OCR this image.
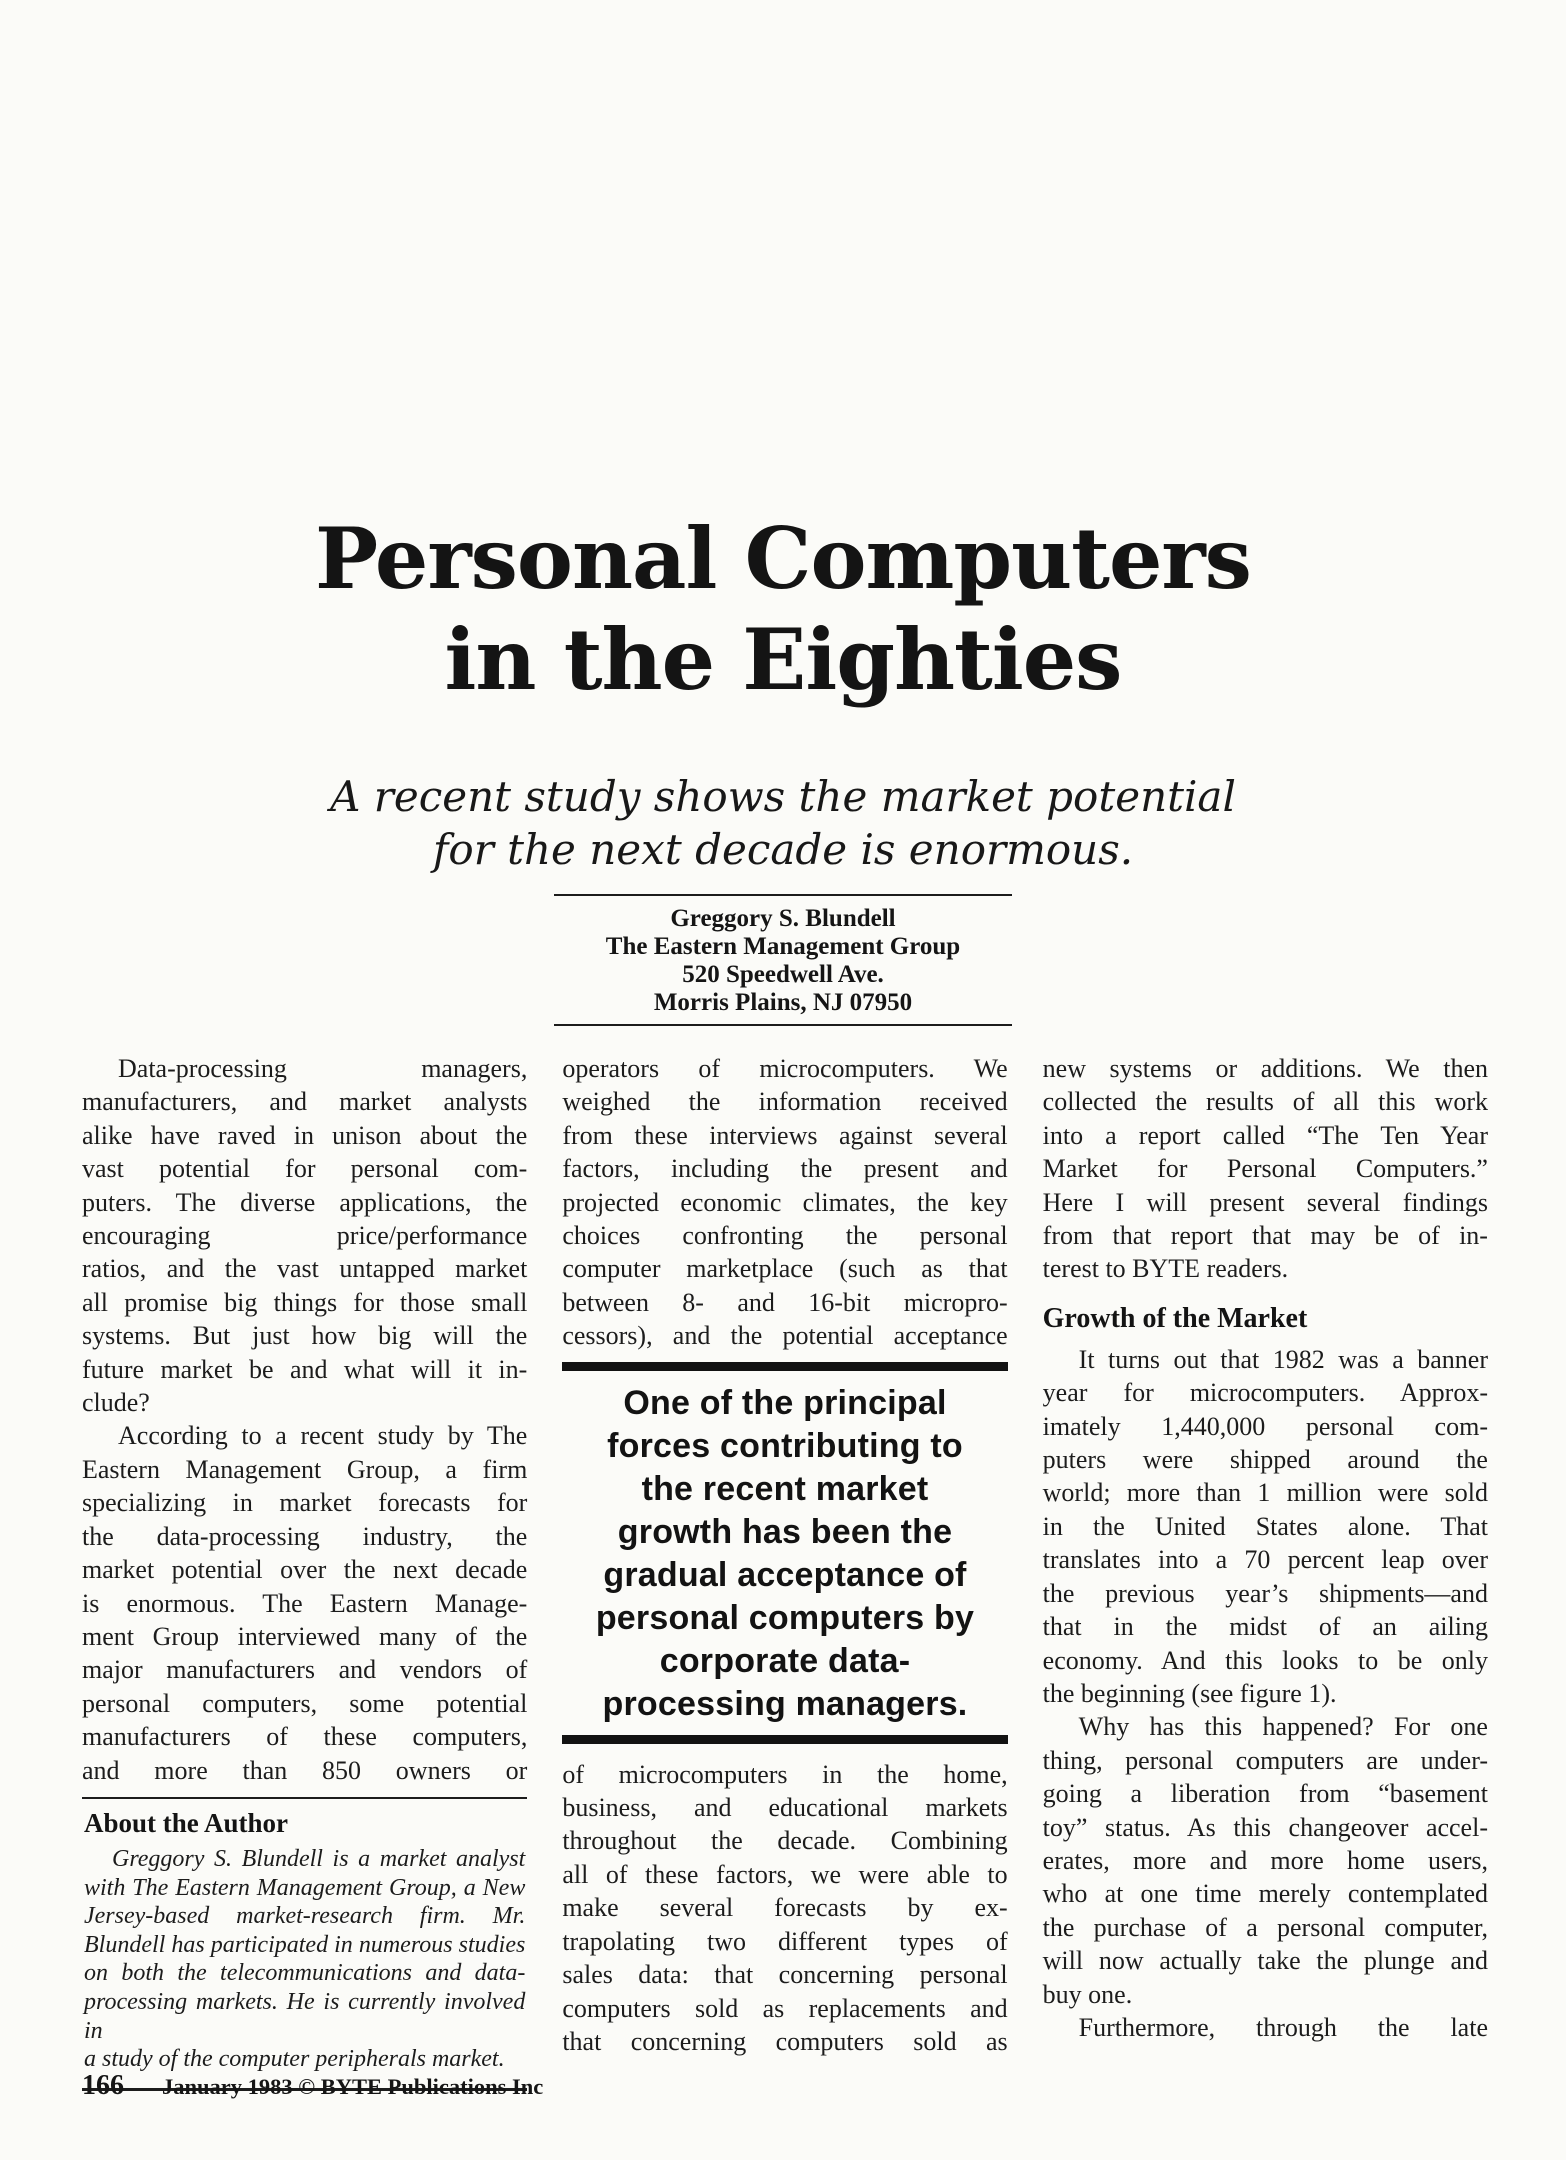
Personal Computers
in the Eighties

A recent study shows the market potential
for the next decade is enormous.

Greggory S. Blundell
The Eastern Management Group
520 Speedwell Ave.
Morris Plains, NJ 07950
Data-processing managers,
manufacturers, and market analysts
alike have raved in unison about the
vast potential for personal com-
puters. The diverse applications, the
encouraging price/performance
ratios, and the vast untapped market
all promise big things for those small
systems. But just how big will the
future market be and what will it in-
clude?
According to a recent study by The
Eastern Management Group, a firm
specializing in market forecasts for
the data-processing industry, the
market potential over the next decade
is enormous. The Eastern Manage-
ment Group interviewed many of the
major manufacturers and vendors of
personal computers, some potential
manufacturers of these computers,
and more than 850 owners or
About the Author
Greggory S. Blundell is a market analyst
with The Eastern Management Group, a New
Jersey-based market-research firm. Mr.
Blundell has participated in numerous studies
on both the telecommunications and data-
processing markets. He is currently involved in
a study of the computer peripherals market.
operators of microcomputers. We
weighed the information received
from these interviews against several
factors, including the present and
projected economic climates, the key
choices confronting the personal
computer marketplace (such as that
between 8- and 16-bit micropro-
cessors), and the potential acceptance
One of the principal
forces contributing to
the recent market
growth has been the
gradual acceptance of
personal computers by
corporate data-
processing managers.
of microcomputers in the home,
business, and educational markets
throughout the decade. Combining
all of these factors, we were able to
make several forecasts by ex-
trapolating two different types of
sales data: that concerning personal
computers sold as replacements and
that concerning computers sold as
new systems or additions. We then
collected the results of all this work
into a report called “The Ten Year
Market for Personal Computers.”
Here I will present several findings
from that report that may be of in-
terest to BYTE readers.
Growth of the Market
It turns out that 1982 was a banner
year for microcomputers. Approx-
imately 1,440,000 personal com-
puters were shipped around the
world; more than 1 million were sold
in the United States alone. That
translates into a 70 percent leap over
the previous year’s shipments—and
that in the midst of an ailing
economy. And this looks to be only
the beginning (see figure 1).
Why has this happened? For one
thing, personal computers are under-
going a liberation from “basement
toy” status. As this changeover accel-
erates, more and more home users,
who at one time merely contemplated
the purchase of a personal computer,
will now actually take the plunge and
buy one.
Furthermore, through the late
166 January 1983 © BYTE Publications Inc
